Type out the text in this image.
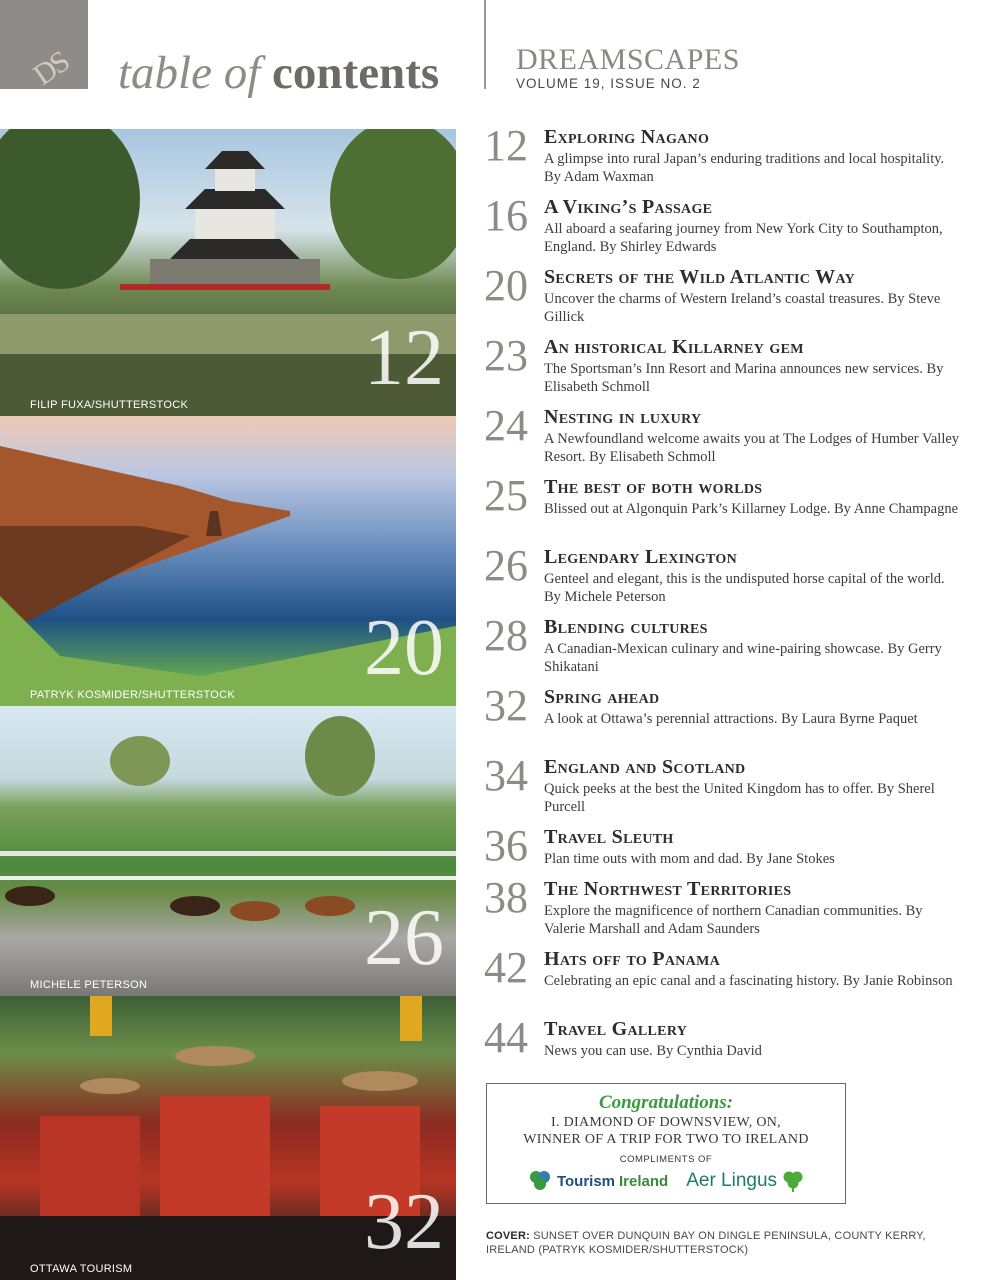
DS table of contents	DREAMSCAPES
VOLUME 19, ISSUE NO. 2
12
FILIP FUXA/SHUTTERSTOCK
20
PATRYK KOSMIDER/SHUTTERSTOCK
26
MICHELE PETERSON
32
OTTAWA TOURISM
12 Exploring Nagano
A glimpse into rural Japan’s enduring traditions and local hospitality. By Adam Waxman
16 A Viking’s Passage
All aboard a seafaring journey from New York City to Southampton, England. By Shirley Edwards
20 Secrets of the Wild Atlantic Way
Uncover the charms of Western Ireland’s coastal treasures. By Steve Gillick
23 An historical Killarney gem
The Sportsman’s Inn Resort and Marina announces new services. By Elisabeth Schmoll
24 Nesting in luxury
A Newfoundland welcome awaits you at The Lodges of Humber Valley Resort. By Elisabeth Schmoll
25 The best of both worlds
Blissed out at Algonquin Park’s Killarney Lodge. By Anne Champagne
26 Legendary Lexington
Genteel and elegant, this is the undisputed horse capital of the world. By Michele Peterson
28 Blending cultures
A Canadian-Mexican culinary and wine-pairing showcase. By Gerry Shikatani
32 Spring ahead
A look at Ottawa’s perennial attractions. By Laura Byrne Paquet
34 England and Scotland
Quick peeks at the best the United Kingdom has to offer. By Sherel Purcell
36 Travel Sleuth
Plan time outs with mom and dad. By Jane Stokes
38 The Northwest Territories
Explore the magnificence of northern Canadian communities. By Valerie Marshall and Adam Saunders
42 Hats off to Panama
Celebrating an epic canal and a fascinating history. By Janie Robinson
44 Travel Gallery
News you can use. By Cynthia David
Congratulations:
I. DIAMOND OF DOWNSVIEW, ON,
WINNER OF A TRIP FOR TWO TO IRELAND
COMPLIMENTS OF
Tourism Ireland Aer Lingus
COVER: SUNSET OVER DUNQUIN BAY ON DINGLE PENINSULA, COUNTY KERRY, IRELAND (PATRYK KOSMIDER/SHUTTERSTOCK)
